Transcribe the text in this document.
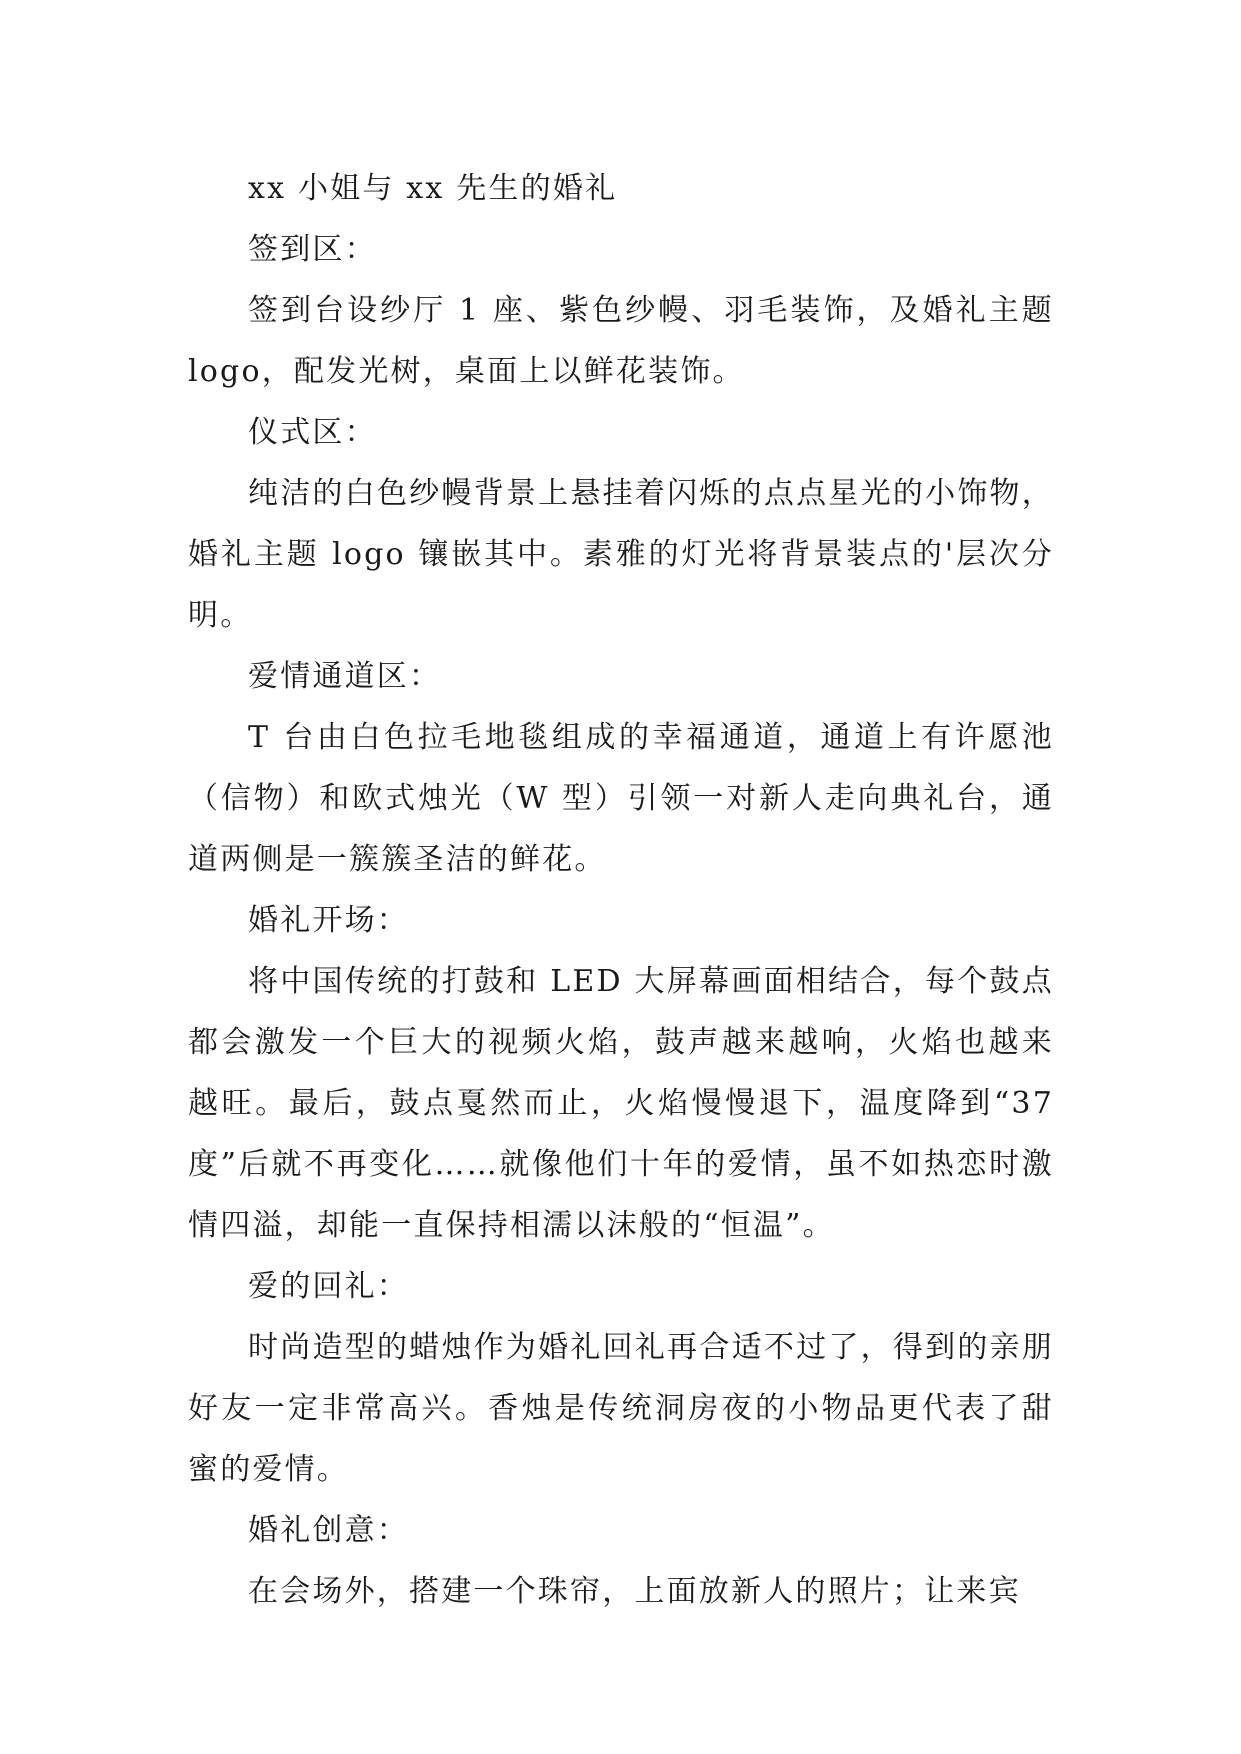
xx 小姐与 xx 先生的婚礼

签到区：

签到台设纱厅 1 座、紫色纱幔、羽毛装饰，及婚礼主题 logo，配发光树，桌面上以鲜花装饰。

仪式区：

纯洁的白色纱幔背景上悬挂着闪烁的点点星光的小饰物，婚礼主题 logo 镶嵌其中。素雅的灯光将背景装点的'层次分明。

爱情通道区：

T 台由白色拉毛地毯组成的幸福通道，通道上有许愿池（信物）和欧式烛光（W 型）引领一对新人走向典礼台，通道两侧是一簇簇圣洁的鲜花。

婚礼开场：

将中国传统的打鼓和 LED 大屏幕画面相结合，每个鼓点都会激发一个巨大的视频火焰，鼓声越来越响，火焰也越来越旺。最后，鼓点戛然而止，火焰慢慢退下，温度降到“37 度”后就不再变化……就像他们十年的爱情，虽不如热恋时激情四溢，却能一直保持相濡以沫般的“恒温”。

爱的回礼：

时尚造型的蜡烛作为婚礼回礼再合适不过了，得到的亲朋好友一定非常高兴。香烛是传统洞房夜的小物品更代表了甜蜜的爱情。

婚礼创意：

在会场外，搭建一个珠帘，上面放新人的照片；让来宾
